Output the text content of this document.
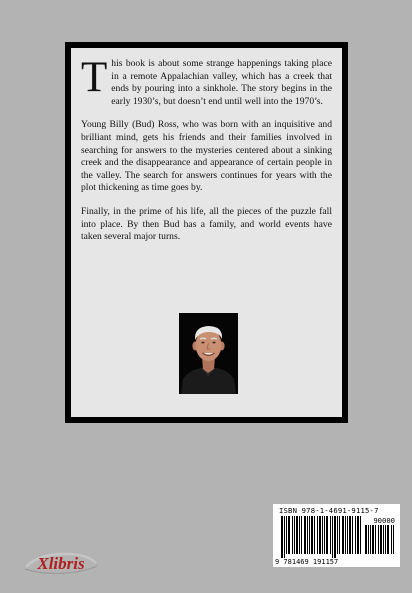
This book is about some strange happenings taking place in a remote Appalachian valley, which has a creek that ends by pouring into a sinkhole. The story begins in the early 1930’s, but doesn’t end until well into the 1970’s.

Young Billy (Bud) Ross, who was born with an inquisitive and brilliant mind, gets his friends and their families involved in searching for answers to the mysteries centered about a sinking creek and the disappearance and appearance of certain people in the valley. The search for answers continues for years with the plot thickening as time goes by.

Finally, in the prime of his life, all the pieces of the puzzle fall into place. By then Bud has a family, and world events have taken several major turns.

ISBN 978-1-4691-9115-7
90000
9 781469 191157
Xlibris
